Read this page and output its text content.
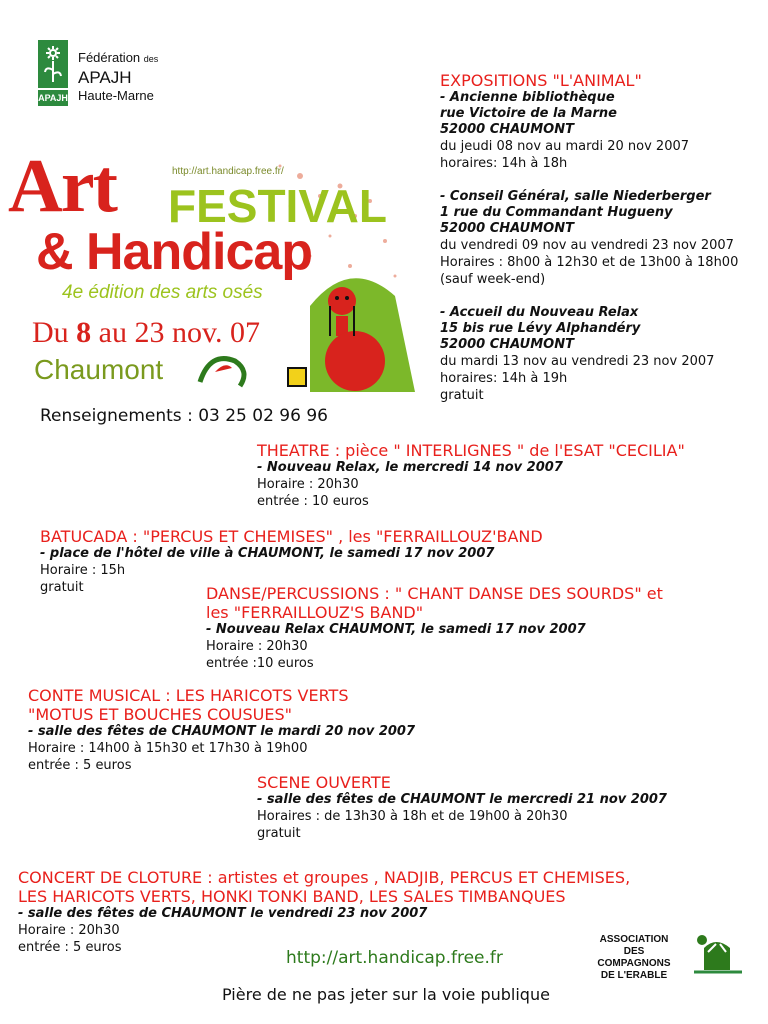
APAJH
Fédération des
APAJH
Haute-Marne
http://art.handicap.free.fr/
Art FESTIVAL
& Handicap
4e édition des arts osés
Du 8 au 23 nov. 07
Chaumont
Renseignements : 03 25 02 96 96
EXPOSITIONS "L'ANIMAL"
- Ancienne bibliothèque
rue Victoire de la Marne
52000 CHAUMONT
du jeudi 08 nov au mardi 20 nov 2007
horaires: 14h à 18h
- Conseil Général, salle Niederberger
1 rue du Commandant Hugueny
52000 CHAUMONT
du vendredi 09 nov au vendredi 23 nov 2007
Horaires : 8h00 à 12h30 et de 13h00 à 18h00
(sauf week-end)
- Accueil du Nouveau Relax
15 bis rue Lévy Alphandéry
52000 CHAUMONT
du mardi 13 nov au vendredi 23 nov 2007
horaires: 14h à 19h
gratuit
THEATRE : pièce " INTERLIGNES " de l'ESAT "CECILIA"
- Nouveau Relax, le mercredi 14 nov 2007
Horaire : 20h30
entrée : 10 euros
BATUCADA : "PERCUS ET CHEMISES" , les "FERRAILLOUZ'BAND
- place de l'hôtel de ville à CHAUMONT, le samedi 17 nov 2007
Horaire : 15h
gratuit	DANSE/PERCUSSIONS : " CHANT DANSE DES SOURDS" et
les "FERRAILLOUZ'S BAND"
- Nouveau Relax CHAUMONT, le samedi 17 nov 2007
Horaire : 20h30
entrée :10 euros
CONTE MUSICAL : LES HARICOTS VERTS
"MOTUS ET BOUCHES COUSUES"
- salle des fêtes de CHAUMONT le mardi 20 nov 2007
Horaire : 14h00 à 15h30 et 17h30 à 19h00
entrée : 5 euros
SCENE OUVERTE
- salle des fêtes de CHAUMONT le mercredi 21 nov 2007
Horaires : de 13h30 à 18h et de 19h00 à 20h30
gratuit
CONCERT DE CLOTURE : artistes et groupes , NADJIB, PERCUS ET CHEMISES,
LES HARICOTS VERTS, HONKI TONKI BAND, LES SALES TIMBANQUES
- salle des fêtes de CHAUMONT le vendredi 23 nov 2007
Horaire : 20h30
entrée : 5 euros
http://art.handicap.free.fr
ASSOCIATION
DES COMPAGNONS
DE L'ERABLE
Pière de ne pas jeter sur la voie publique
